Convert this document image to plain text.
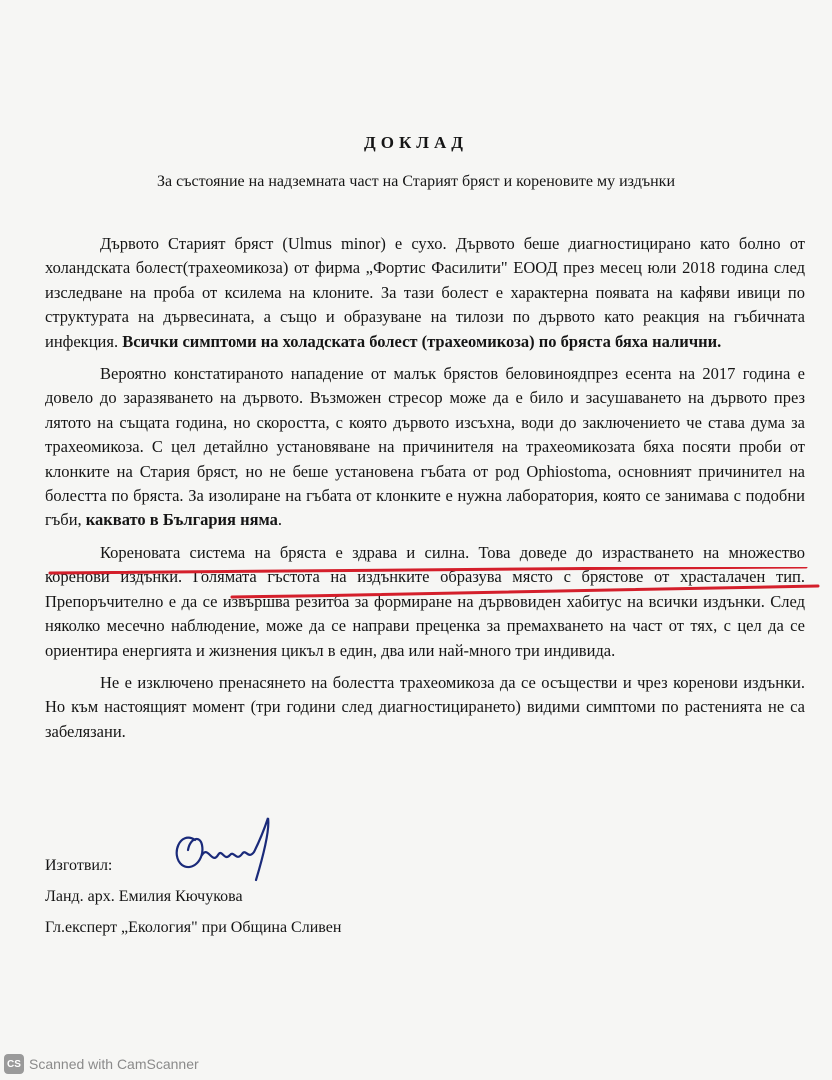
ДОКЛАД
За състояние на надземната част на Старият бряст и кореновите му издънки

Дървото Старият бряст (Ulmus minor) е сухо. Дървото беше диагностицирано като болно от холандската болест(трахеомикоза) от фирма „Фортис Фасилити" ЕООД през месец юли 2018 година след изследване на проба от ксилема на клоните. За тази болест е характерна появата на кафяви ивици по структурата на дървесината, а също и образуване на тилози по дървото като реакция на гъбичната инфекция. Всички симптоми на холадската болест (трахеомикоза) по бряста бяха налични.

Вероятно констатираното нападение от малък брястов беловиноядпрез есента на 2017 година е довело до заразяването на дървото. Възможен стресор може да е било и засушаването на дървото през лятото на същата година, но скоростта, с която дървото изсъхна, води до заключението че става дума за трахеомикоза. С цел детайлно установяване на причинителя на трахеомикозата бяха посяти проби от клонките на Стария бряст, но не беше установена гъбата от род Ophiostoma, основният причинител на болестта по бряста. За изолиране на гъбата от клонките е нужна лаборатория, която се занимава с подобни гъби, каквато в България няма.

Кореновата система на бряста е здрава и силна. Това доведе до израстването на множество коренови издънки. Голямата гъстота на издънките образува място с брястове от храсталачен тип. Препоръчително е да се извършва резитба за формиране на дървовиден хабитус на всички издънки. След няколко месечно наблюдение, може да се направи преценка за премахването на част от тях, с цел да се ориентира енергията и жизнения цикъл в един, два или най-много три индивида.

Не е изключено пренасянето на болестта трахеомикоза да се осъществи и чрез коренови издънки. Но към настоящият момент (три години след диагностицирането) видими симптоми по растенията не са забелязани.

Изготвил:
Ланд. арх. Емилия Кючукова
Гл.експерт „Екология" при Община Сливен
CS Scanned with CamScanner
